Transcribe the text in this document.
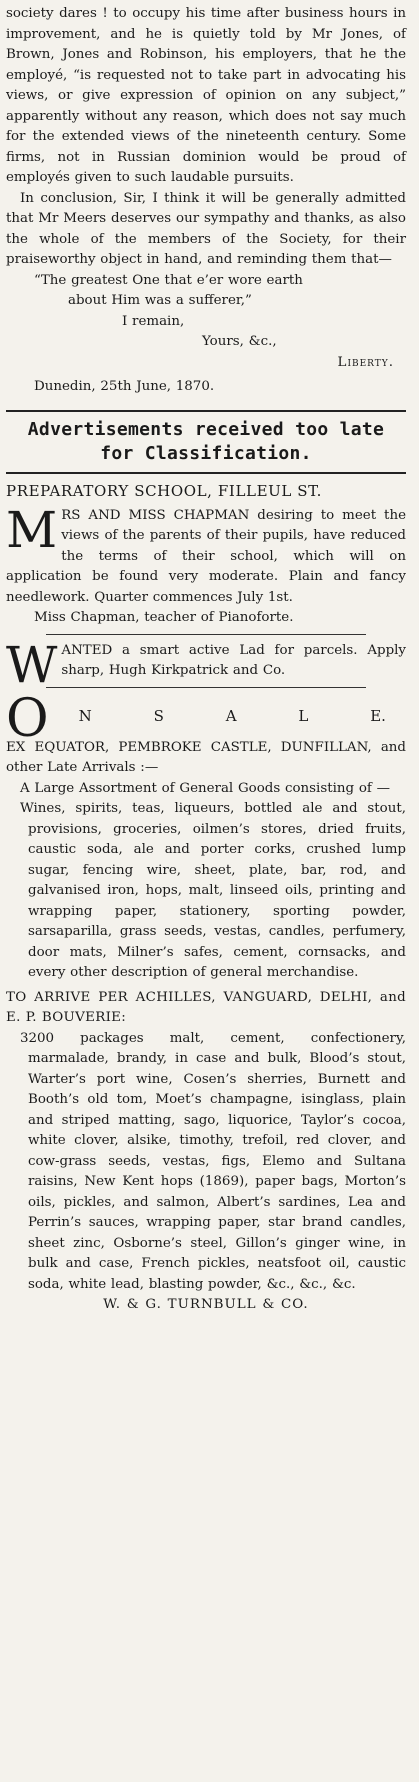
society dares ! to occupy his time after business hours in improvement, and he is quietly told by Mr Jones, of Brown, Jones and Robinson, his employers, that he the employé, “is requested not to take part in advocating his views, or give expression of opinion on any subject,” apparently without any reason, which does not say much for the extended views of the nineteenth century. Some firms, not in Russian dominion would be proud of employés given to such laudable pursuits.

In conclusion, Sir, I think it will be generally admitted that Mr Meers deserves our sympathy and thanks, as also the whole of the members of the Society, for their praiseworthy object in hand, and reminding them that—

“The greatest One that e’er wore earth

about Him was a sufferer,”

I remain,

Yours, &c.,

Liberty.

Dunedin, 25th June, 1870.

Advertisements received too late

for Classification.

PREPARATORY SCHOOL, FILLEUL ST.

MRS AND MISS CHAPMAN desiring to meet the views of the parents of their pupils, have reduced the terms of their school, which will on application be found very moderate. Plain and fancy needlework. Quarter commences July 1st.

Miss Chapman, teacher of Pianoforte.

WANTED a smart active Lad for parcels. Apply sharp, Hugh Kirkpatrick and Co.

O N	S	A	L	E.

EX EQUATOR, PEMBROKE CASTLE, DUNFILLAN, and other Late Arrivals :—

A Large Assortment of General Goods consisting of —

Wines, spirits, teas, liqueurs, bottled ale and stout, provisions, groceries, oilmen’s stores, dried fruits, caustic soda, ale and porter corks, crushed lump sugar, fencing wire, sheet, plate, bar, rod, and galvanised iron, hops, malt, linseed oils, printing and wrapping paper, stationery, sporting powder, sarsaparilla, grass seeds, vestas, candles, perfumery, door mats, Milner’s safes, cement, cornsacks, and every other description of general merchandise.

TO ARRIVE PER ACHILLES, VANGUARD, DELHI, and E. P. BOUVERIE:

3200 packages malt, cement, confectionery, marmalade, brandy, in case and bulk, Blood’s stout, Warter’s port wine, Cosen’s sherries, Burnett and Booth’s old tom, Moet’s champagne, isinglass, plain and striped matting, sago, liquorice, Taylor’s cocoa, white clover, alsike, timothy, trefoil, red clover, and cow-grass seeds, vestas, figs, Elemo and Sultana raisins, New Kent hops (1869), paper bags, Morton’s oils, pickles, and salmon, Albert’s sardines, Lea and Perrin’s sauces, wrapping paper, star brand candles, sheet zinc, Osborne’s steel, Gillon’s ginger wine, in bulk and case, French pickles, neatsfoot oil, caustic soda, white lead, blasting powder, &c., &c., &c.

W. & G. TURNBULL & CO.
